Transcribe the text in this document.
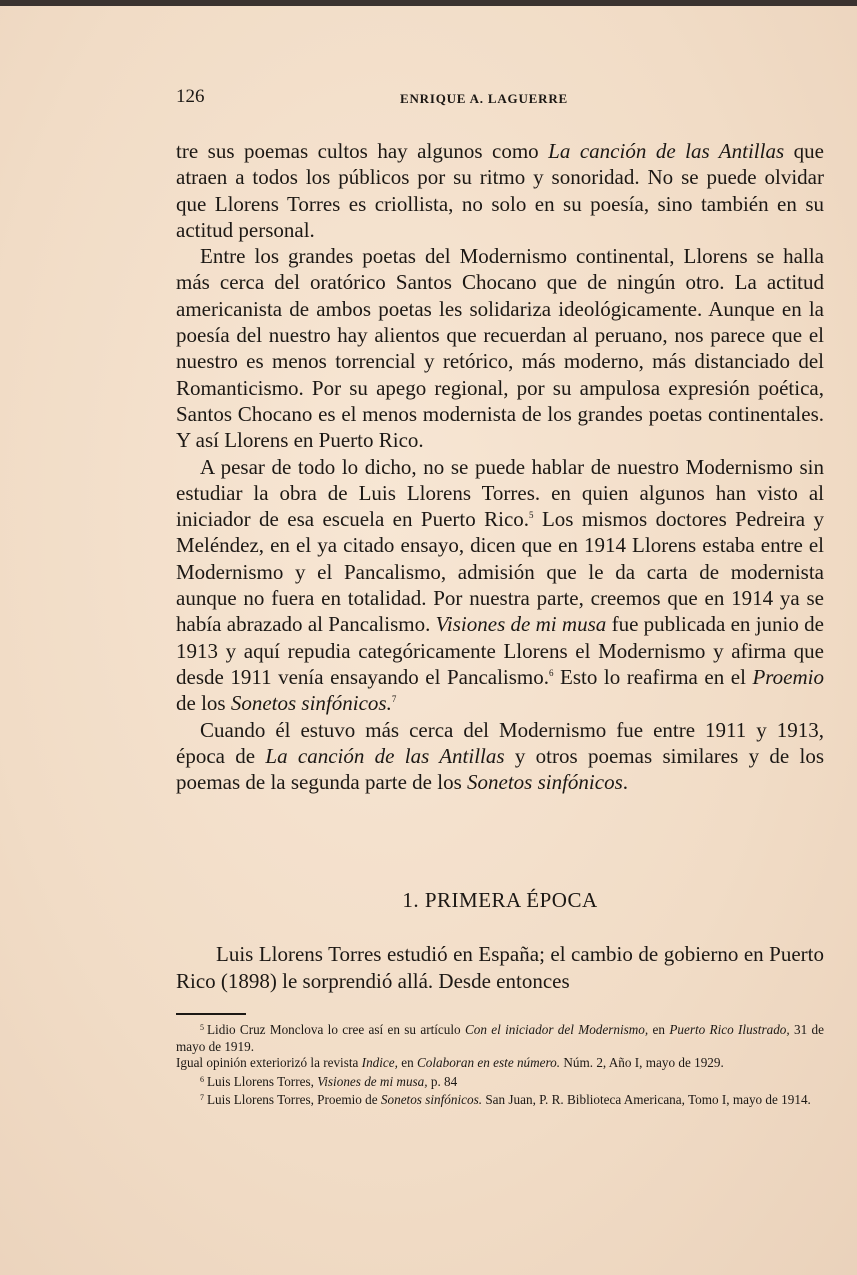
126	ENRIQUE A. LAGUERRE

tre sus poemas cultos hay algunos como La canción de las Antillas que atraen a todos los públicos por su ritmo y sonoridad. No se puede olvidar que Llorens Torres es criollista, no solo en su poesía, sino también en su actitud personal.

Entre los grandes poetas del Modernismo continental, Llorens se halla más cerca del oratórico Santos Chocano que de ningún otro. La actitud americanista de ambos poetas les solidariza ideológicamente. Aunque en la poesía del nuestro hay alientos que recuerdan al peruano, nos parece que el nuestro es menos torrencial y retórico, más moderno, más distanciado del Romanticismo. Por su apego regional, por su ampulosa expresión poética, Santos Chocano es el menos modernista de los grandes poetas continentales. Y así Llorens en Puerto Rico.

A pesar de todo lo dicho, no se puede hablar de nuestro Modernismo sin estudiar la obra de Luis Llorens Torres. en quien algunos han visto al iniciador de esa escuela en Puerto Rico.$^5$ Los mismos doctores Pedreira y Meléndez, en el ya citado ensayo, dicen que en 1914 Llorens estaba entre el Modernismo y el Pancalismo, admisión que le da carta de modernista aunque no fuera en totalidad. Por nuestra parte, creemos que en 1914 ya se había abrazado al Pancalismo. Visiones de mi musa fue publicada en junio de 1913 y aquí repudia categóricamente Llorens el Modernismo y afirma que desde 1911 venía ensayando el Pancalismo.$^6$ Esto lo reafirma en el Proemio de los Sonetos sinfónicos.$^7$

Cuando él estuvo más cerca del Modernismo fue entre 1911 y 1913, época de La canción de las Antillas y otros poemas similares y de los poemas de la segunda parte de los Sonetos sinfónicos.

1. PRIMERA ÉPOCA

Luis Llorens Torres estudió en España; el cambio de gobierno en Puerto Rico (1898) le sorprendió allá. Desde entonces

$^5$ Lidio Cruz Monclova lo cree así en su artículo Con el iniciador del Modernismo, en Puerto Rico Ilustrado, 31 de mayo de 1919.

Igual opinión exteriorizó la revista Indice, en Colaboran en este número. Núm. 2, Año I, mayo de 1929.

$^6$ Luis Llorens Torres, Visiones de mi musa, p. 84

$^7$ Luis Llorens Torres, Proemio de Sonetos sinfónicos. San Juan, P. R. Biblioteca Americana, Tomo I, mayo de 1914.
